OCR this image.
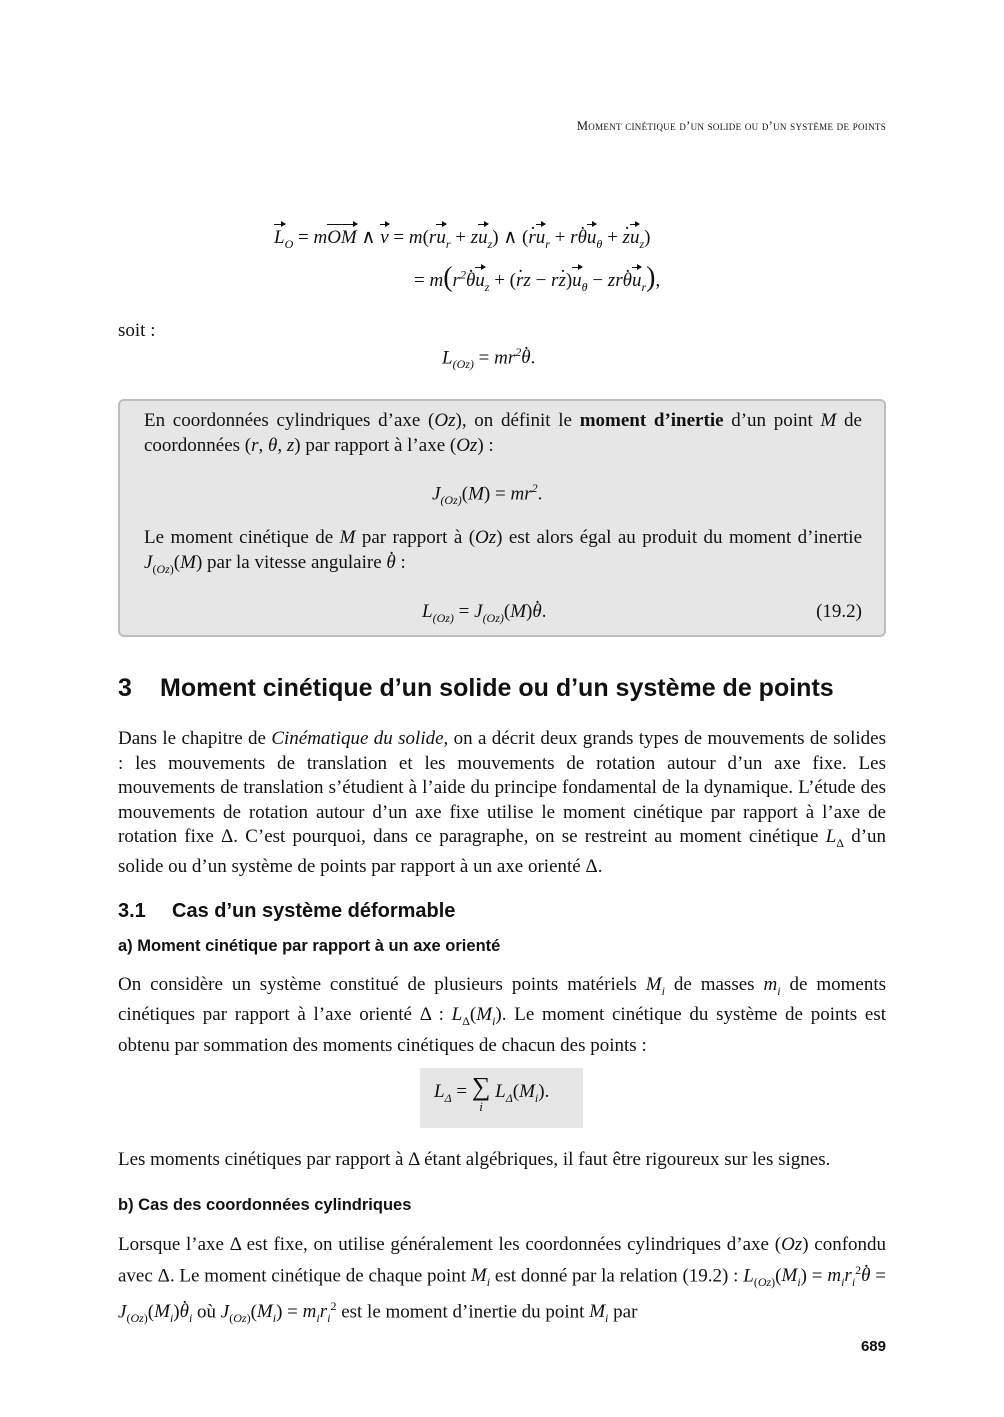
Moment cinétique d’un solide ou d’un système de points
$L_O$ = mOM ∧ $v = m(ru_r + zu_z)$ ∧ (r $.u_r + r\theta$ $.u_\theta + z$ $.u_z$)
= $m(r^2\theta$ $.u_z + (r$ .z − rz $.)u_\theta - zr\theta$ $.u_r$),
soit :
$L_{(Oz)} = mr^2\theta$ ..
En coordonnées cylindriques d’axe (Oz), on définit le moment d’inertie d’un point M de coordonnées (r, θ, z) par rapport à l’axe (Oz) :
$J_{(Oz)}(M) = mr^2$.
Le moment cinétique de M par rapport à (Oz) est alors égal au produit du moment d’inertie $J_{(Oz)}(M)$ par la vitesse angulaire θ . :
$L_{(Oz)} = J_{(Oz)}(M)\theta$ ..	(19.2)
3 Moment cinétique d’un solide ou d’un système de points
Dans le chapitre de Cinématique du solide, on a décrit deux grands types de mouvements de solides : les mouvements de translation et les mouvements de rotation autour d’un axe fixe. Les mouvements de translation s’étudient à l’aide du principe fondamental de la dynamique. L’étude des mouvements de rotation autour d’un axe fixe utilise le moment cinétique par rapport à l’axe de rotation fixe Δ. C’est pourquoi, dans ce paragraphe, on se restreint au moment cinétique $L_\Delta$ d’un solide ou d’un système de points par rapport à un axe orienté Δ.
3.1 Cas d’un système déformable
a) Moment cinétique par rapport à un axe orienté
On considère un système constitué de plusieurs points matériels $M_i$ de masses $m_i$ de moments cinétiques par rapport à l’axe orienté Δ : $L_\Delta(M_i)$. Le moment cinétique du système de points est obtenu par sommation des moments cinétiques de chacun des points :
$L_\Delta$ = ∑
i
$L_\Delta(M_i)$.
Les moments cinétiques par rapport à Δ étant algébriques, il faut être rigoureux sur les signes.
b) Cas des coordonnées cylindriques
Lorsque l’axe Δ est fixe, on utilise généralement les coordonnées cylindriques d’axe (Oz) confondu avec Δ. Le moment cinétique de chaque point $M_i$ est donné par la relation (19.2) : $L_{(Oz)}(M_i) = m_ir_i^2\theta$ . = $J_{(Oz)}(M_i)\theta$ $._i$ où $J_{(Oz)}(M_i) = m_ir_i^2$ est le moment d’inertie du point $M_i$ par
689
